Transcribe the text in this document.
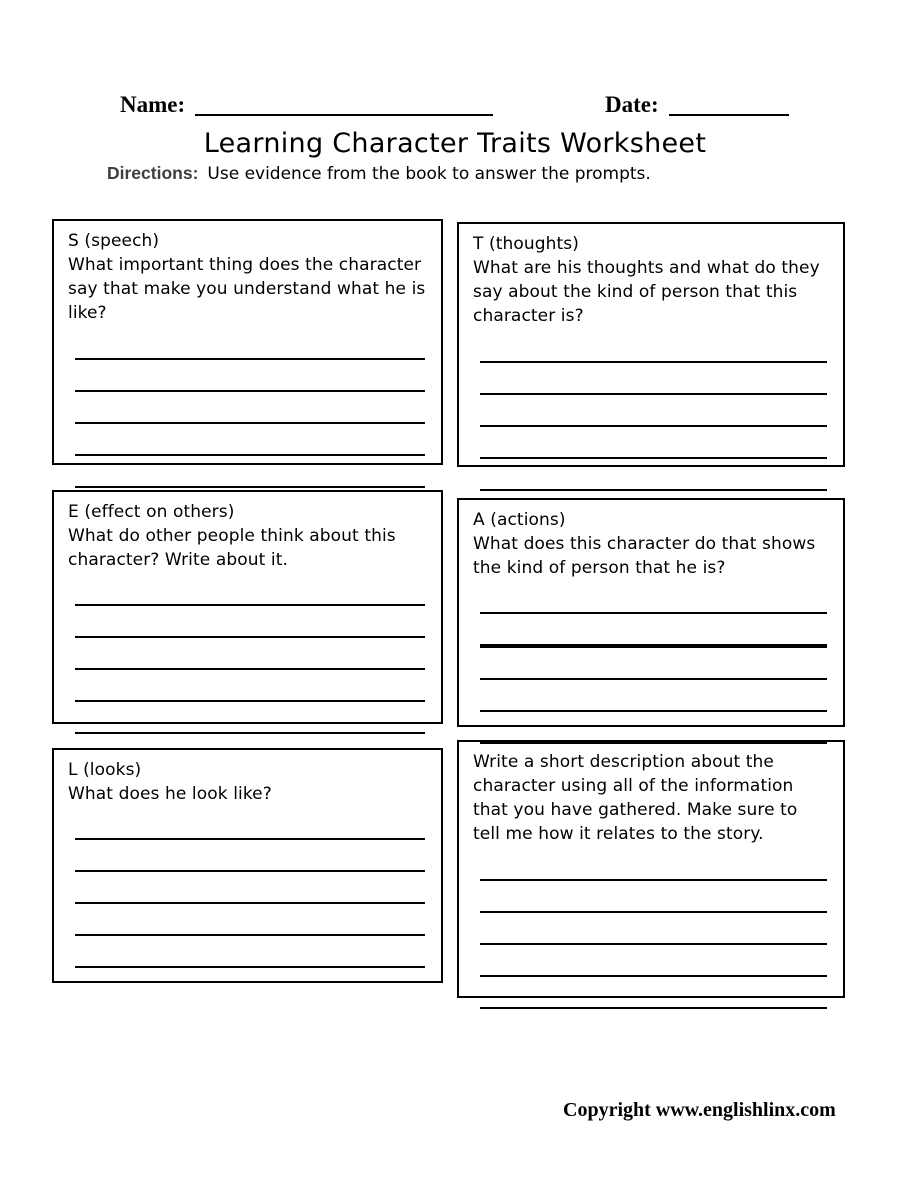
Name:	Date:
Learning Character Traits Worksheet
Directions: Use evidence from the book to answer the prompts.
S (speech)
What important thing does the character say that make you understand what he is like?
T (thoughts)
What are his thoughts and what do they say about the kind of person that this character is?
E (effect on others)
What do other people think about this character? Write about it.
A (actions)
What does this character do that shows the kind of person that he is?
L (looks)
What does he look like?
Write a short description about the character using all of the information that you have gathered. Make sure to tell me how it relates to the story.
Copyright www.englishlinx.com
